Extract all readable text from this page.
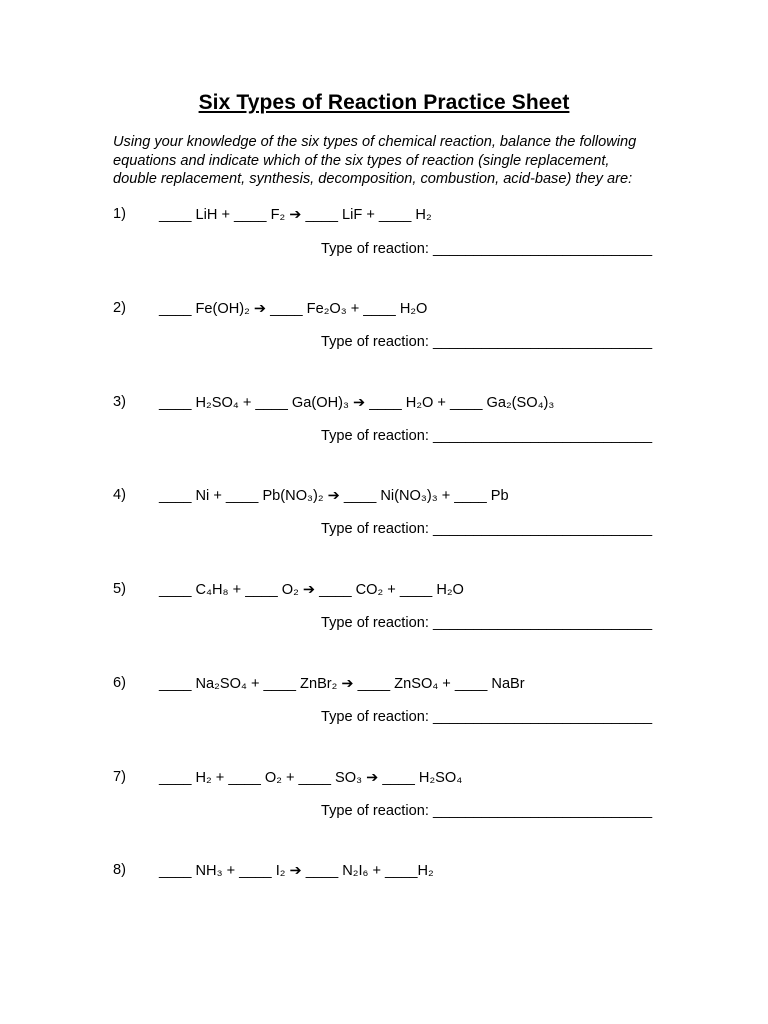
Six Types of Reaction Practice Sheet

Using your knowledge of the six types of chemical reaction, balance the following

equations and indicate which of the six types of reaction (single replacement,

double replacement, synthesis, decomposition, combustion, acid-base) they are:

1) ____ LiH + ____ F₂ ➔ ____ LiF + ____ H₂
Type of reaction: ___________________________
2) ____ Fe(OH)₂ ➔ ____ Fe₂O₃ + ____ H₂O
Type of reaction: ___________________________
3) ____ H₂SO₄ + ____ Ga(OH)₃ ➔ ____ H₂O + ____ Ga₂(SO₄)₃
Type of reaction: ___________________________
4) ____ Ni + ____ Pb(NO₃)₂ ➔ ____ Ni(NO₃)₃ + ____ Pb
Type of reaction: ___________________________
5) ____ C₄H₈ + ____ O₂ ➔ ____ CO₂ + ____ H₂O
Type of reaction: ___________________________
6) ____ Na₂SO₄ + ____ ZnBr₂ ➔ ____ ZnSO₄ + ____ NaBr
Type of reaction: ___________________________
7) ____ H₂ + ____ O₂ + ____ SO₃ ➔ ____ H₂SO₄
Type of reaction: ___________________________
8) ____ NH₃ + ____ I₂ ➔ ____ N₂I₆ + ____H₂
